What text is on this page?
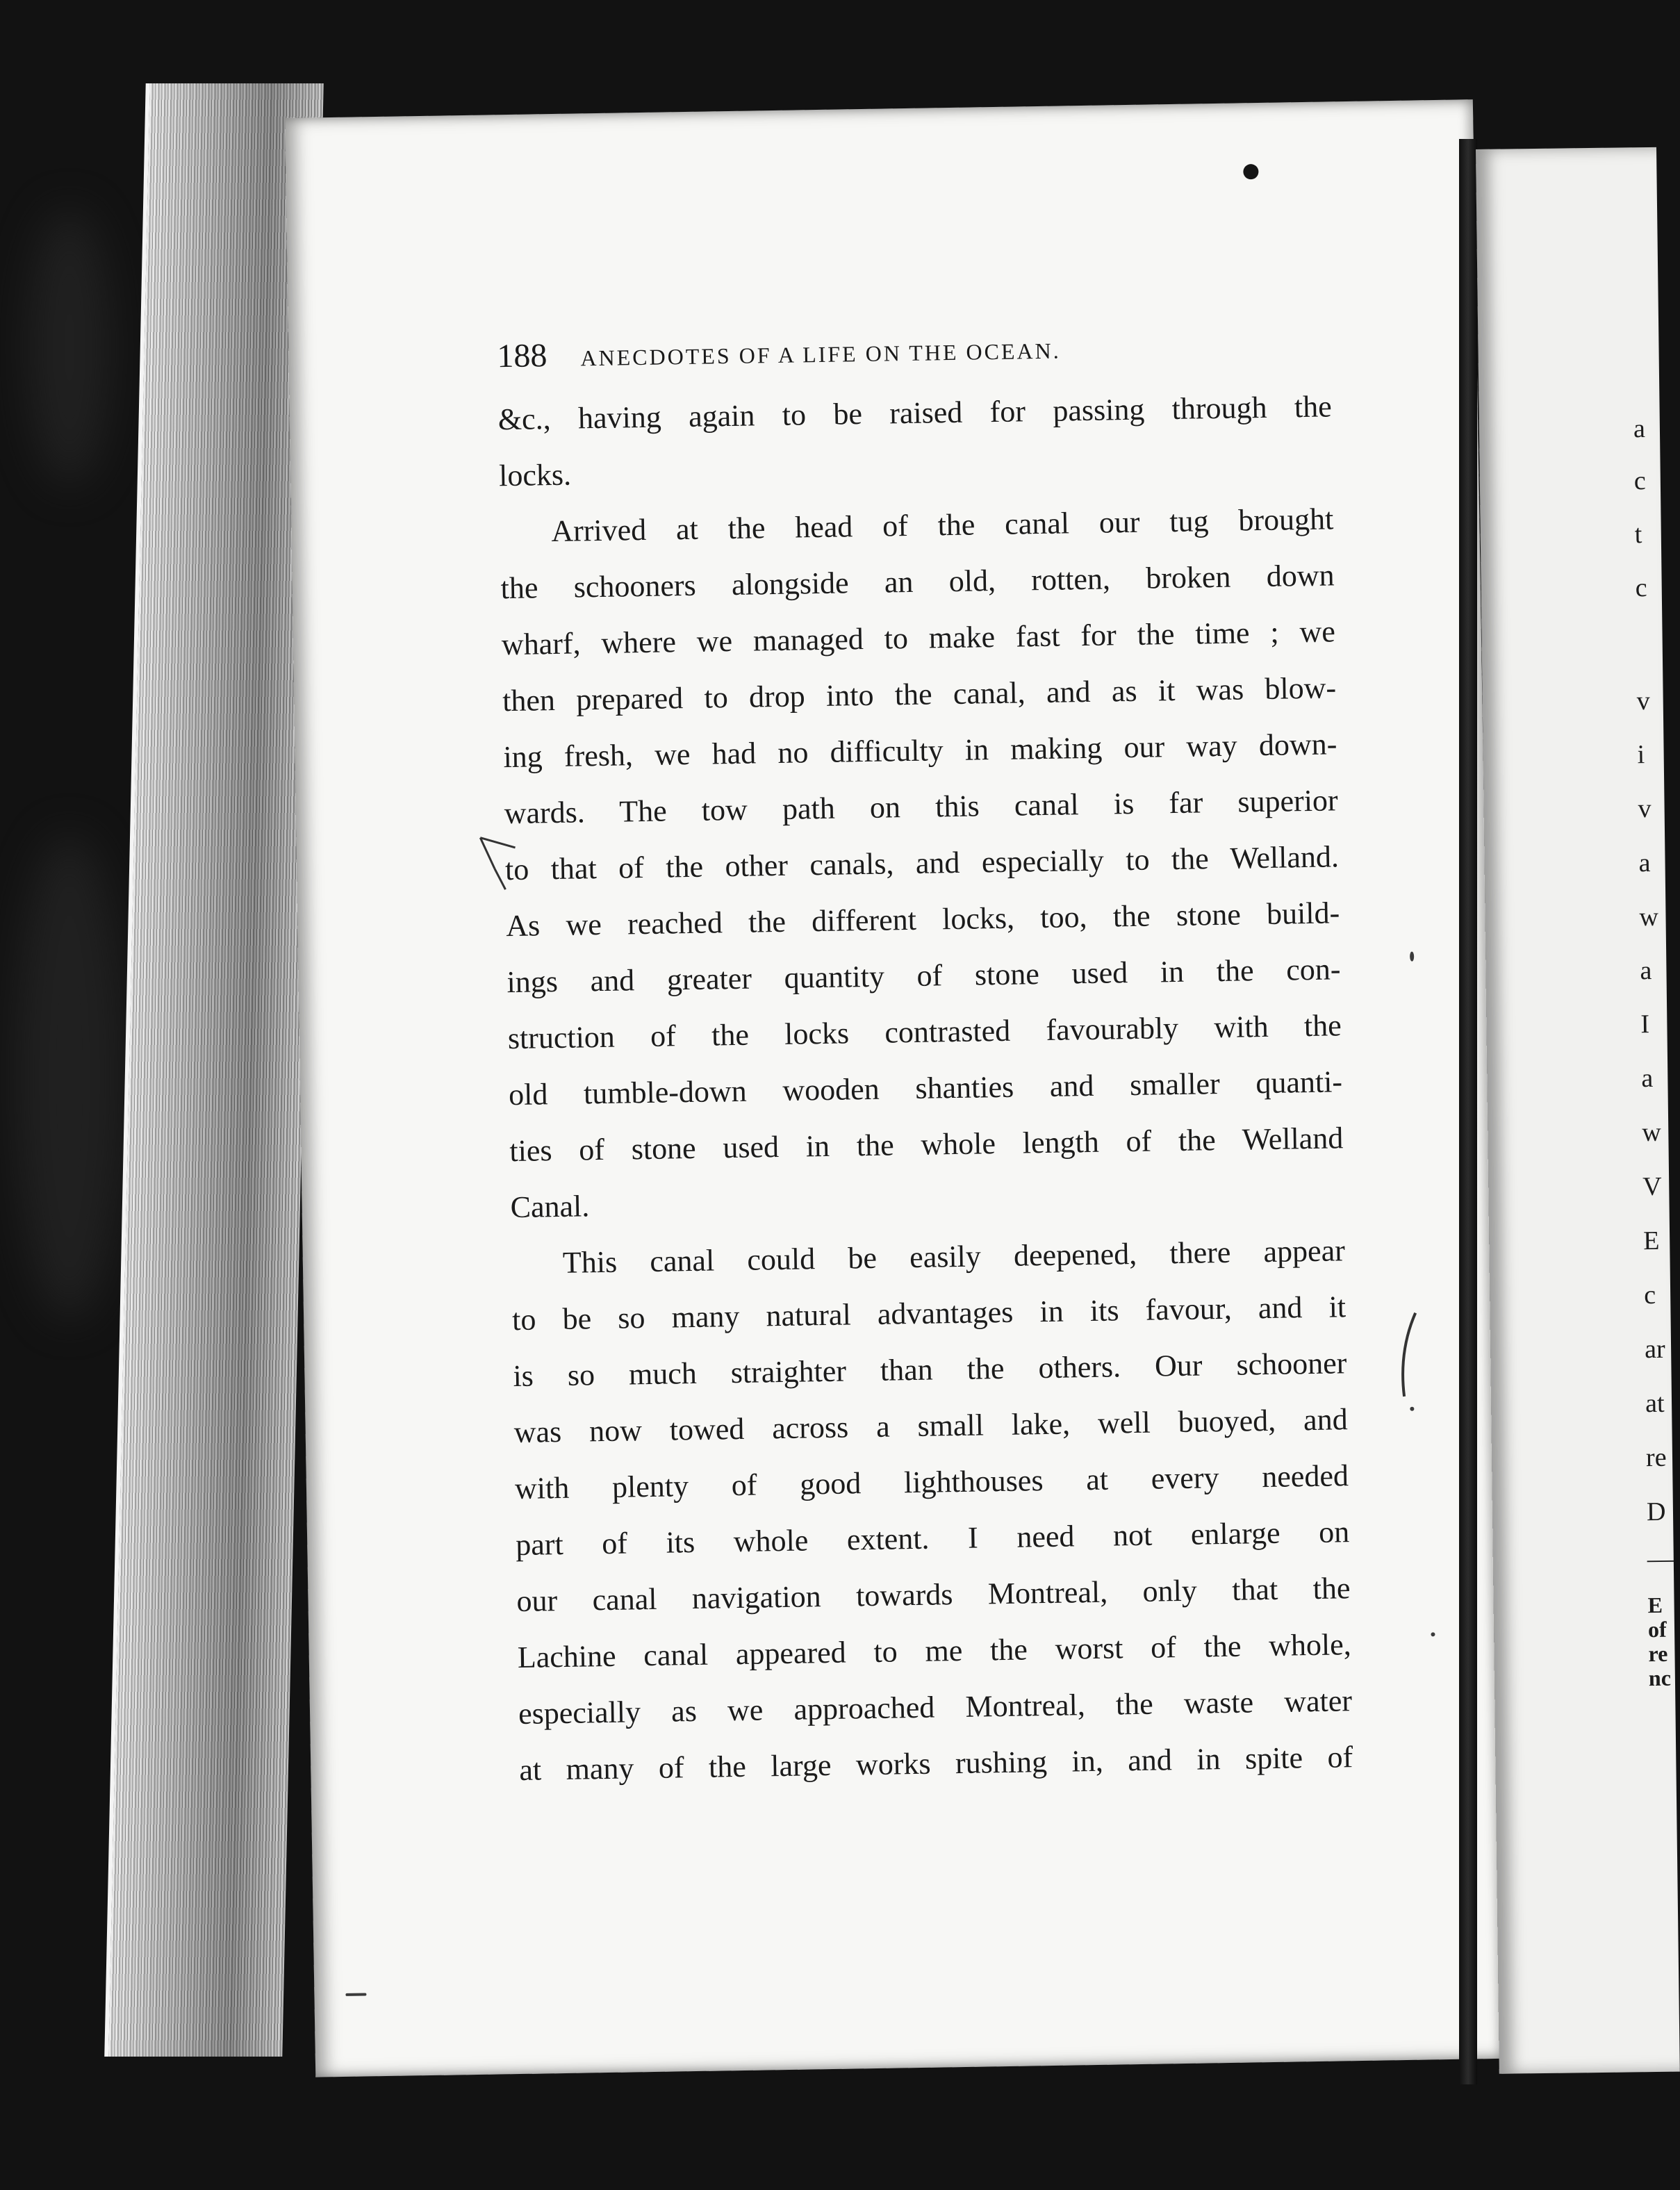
188 ANECDOTES OF A LIFE ON THE OCEAN.
&c., having again to be raised for passing through the
locks.
Arrived at the head of the canal our tug brought
the schooners alongside an old, rotten, broken down
wharf, where we managed to make fast for the time ; we
then prepared to drop into the canal, and as it was blow-
ing fresh, we had no difficulty in making our way down-
wards. The tow path on this canal is far superior
to that of the other canals, and especially to the Welland.
As we reached the different locks, too, the stone build-
ings and greater quantity of stone used in the con-
struction of the locks contrasted favourably with the
old tumble-down wooden shanties and smaller quanti-
ties of stone used in the whole length of the Welland
Canal.
This canal could be easily deepened, there appear
to be so many natural advantages in its favour, and it
is so much straighter than the others. Our schooner
was now towed across a small lake, well buoyed, and
with plenty of good lighthouses at every needed
part of its whole extent. I need not enlarge on
our canal navigation towards Montreal, only that the
Lachine canal appeared to me the worst of the whole,
especially as we approached Montreal, the waste water
at many of the large works rushing in, and in spite of
a
c
t
c
v
i
v
a
w
a
I
a
w
V
E
c
ar
at
re
D
—
E
of
re
nc
